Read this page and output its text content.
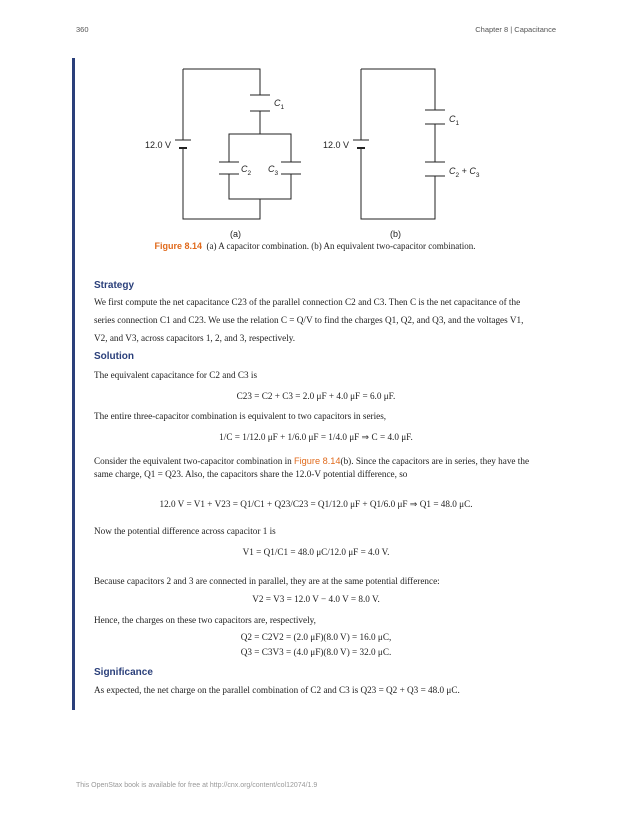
360	Chapter 8 | Capacitance
12.0 V	12.0 V
$C_1$
$C_2$ $C_3$
$C_1$
$C_2 + C_3$
(a)	(b)
Figure 8.14 (a) A capacitor combination. (b) An equivalent two-capacitor combination.
Strategy
We first compute the net capacitance C23 of the parallel connection C2 and C3. Then C is the net capacitance of the series connection C1 and C23. We use the relation C = Q/V to find the charges Q1, Q2, and Q3, and the voltages V1, V2, and V3, across capacitors 1, 2, and 3, respectively.
Solution
The equivalent capacitance for C2 and C3 is
C23 = C2 + C3 = 2.0 μF + 4.0 μF = 6.0 μF.
The entire three-capacitor combination is equivalent to two capacitors in series,
1/C = 1/12.0 μF + 1/6.0 μF = 1/4.0 μF ⇒ C = 4.0 μF.
Consider the equivalent two-capacitor combination in Figure 8.14(b). Since the capacitors are in series, they have the same charge, Q1 = Q23. Also, the capacitors share the 12.0-V potential difference, so
12.0 V = V1 + V23 = Q1/C1 + Q23/C23 = Q1/12.0 μF + Q1/6.0 μF ⇒ Q1 = 48.0 μC.
Now the potential difference across capacitor 1 is
V1 = Q1/C1 = 48.0 μC/12.0 μF = 4.0 V.
Because capacitors 2 and 3 are connected in parallel, they are at the same potential difference:
V2 = V3 = 12.0 V − 4.0 V = 8.0 V.
Hence, the charges on these two capacitors are, respectively,
Q2 = C2V2 = (2.0 μF)(8.0 V) = 16.0 μC,
Q3 = C3V3 = (4.0 μF)(8.0 V) = 32.0 μC.
Significance
As expected, the net charge on the parallel combination of C2 and C3 is Q23 = Q2 + Q3 = 48.0 μC.
This OpenStax book is available for free at http://cnx.org/content/col12074/1.9
